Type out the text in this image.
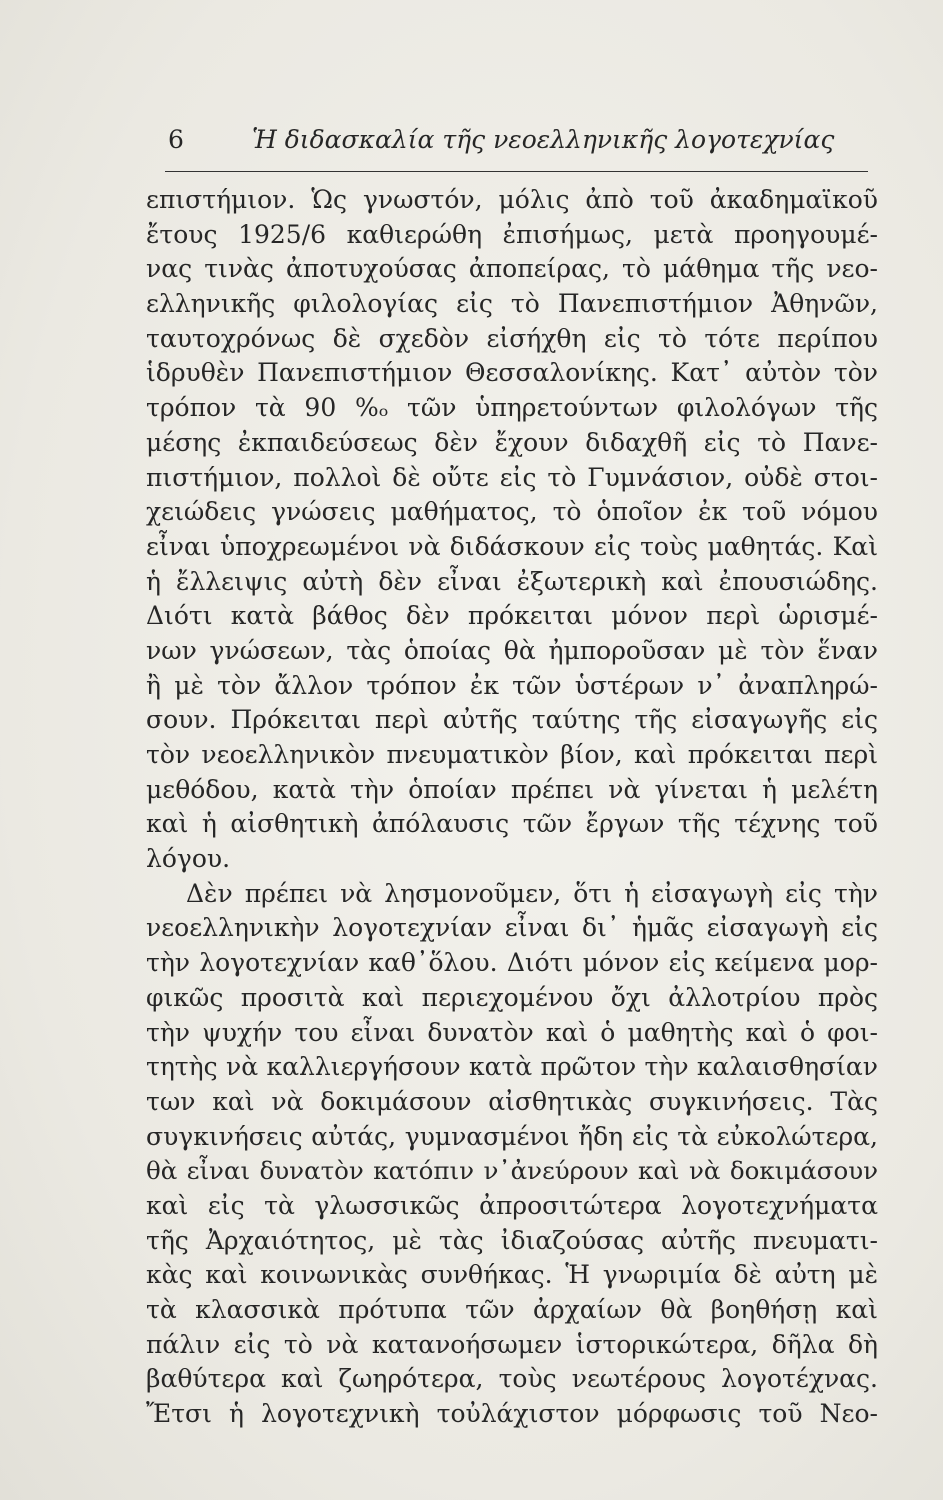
6	Ἡ διδασκαλία τῆς νεοελληνικῆς λογοτεχνίας
επιστήμιον. Ὡς γνωστόν, μόλις ἀπὸ τοῦ ἀκαδημαϊκοῦ
ἔτους 1925/6 καθιερώθη ἐπισήμως, μετὰ προηγουμέ-
νας τινὰς ἀποτυχούσας ἀποπείρας, τὸ μάθημα τῆς νεο-
ελληνικῆς φιλολογίας εἰς τὸ Πανεπιστήμιον Ἀθηνῶν,
ταυτοχρόνως δὲ σχεδὸν εἰσήχθη εἰς τὸ τότε περίπου
ἱδρυθὲν Πανεπιστήμιον Θεσσαλονίκης. Κατ᾽ αὐτὸν τὸν
τρόπον τὰ 90 %ₒ τῶν ὑπηρετούντων φιλολόγων τῆς
μέσης ἐκπαιδεύσεως δὲν ἔχουν διδαχθῆ εἰς τὸ Πανε-
πιστήμιον, πολλοὶ δὲ οὔτε εἰς τὸ Γυμνάσιον, οὐδὲ στοι-
χειώδεις γνώσεις μαθήματος, τὸ ὁποῖον ἐκ τοῦ νόμου
εἶναι ὑποχρεωμένοι νὰ διδάσκουν εἰς τοὺς μαθητάς. Καὶ
ἡ ἔλλειψις αὐτὴ δὲν εἶναι ἐξωτερικὴ καὶ ἐπουσιώδης.
Διότι κατὰ βάθος δὲν πρόκειται μόνον περὶ ὡρισμέ-
νων γνώσεων, τὰς ὁποίας θὰ ἠμποροῦσαν μὲ τὸν ἕναν
ἢ μὲ τὸν ἄλλον τρόπον ἐκ τῶν ὑστέρων ν᾽ ἀναπληρώ-
σουν. Πρόκειται περὶ αὐτῆς ταύτης τῆς εἰσαγωγῆς εἰς
τὸν νεοελληνικὸν πνευματικὸν βίον, καὶ πρόκειται περὶ
μεθόδου, κατὰ τὴν ὁποίαν πρέπει νὰ γίνεται ἡ μελέτη
καὶ ἡ αἰσθητικὴ ἀπόλαυσις τῶν ἔργων τῆς τέχνης τοῦ
λόγου.
Δὲν πρέπει νὰ λησμονοῦμεν, ὅτι ἡ εἰσαγωγὴ εἰς τὴν
νεοελληνικὴν λογοτεχνίαν εἶναι δι᾽ ἡμᾶς εἰσαγωγὴ εἰς
τὴν λογοτεχνίαν καθ᾽ὅλου. Διότι μόνον εἰς κείμενα μορ-
φικῶς προσιτὰ καὶ περιεχομένου ὄχι ἀλλοτρίου πρὸς
τὴν ψυχήν του εἶναι δυνατὸν καὶ ὁ μαθητὴς καὶ ὁ φοι-
τητὴς νὰ καλλιεργήσουν κατὰ πρῶτον τὴν καλαισθησίαν
των καὶ νὰ δοκιμάσουν αἰσθητικὰς συγκινήσεις. Τὰς
συγκινήσεις αὐτάς, γυμνασμένοι ἤδη εἰς τὰ εὐκολώτερα,
θὰ εἶναι δυνατὸν κατόπιν ν᾽ἀνεύρουν καὶ νὰ δοκιμάσουν
καὶ εἰς τὰ γλωσσικῶς ἀπροσιτώτερα λογοτεχνήματα
τῆς Ἀρχαιότητος, μὲ τὰς ἰδιαζούσας αὐτῆς πνευματι-
κὰς καὶ κοινωνικὰς συνθήκας. Ἡ γνωριμία δὲ αὐτη μὲ
τὰ κλασσικὰ πρότυπα τῶν ἀρχαίων θὰ βοηθήσῃ καὶ
πάλιν εἰς τὸ νὰ κατανοήσωμεν ἱστορικώτερα, δῆλα δὴ
βαθύτερα καὶ ζωηρότερα, τοὺς νεωτέρους λογοτέχνας.
Ἔτσι ἡ λογοτεχνικὴ τοὐλάχιστον μόρφωσις τοῦ Νεο-
